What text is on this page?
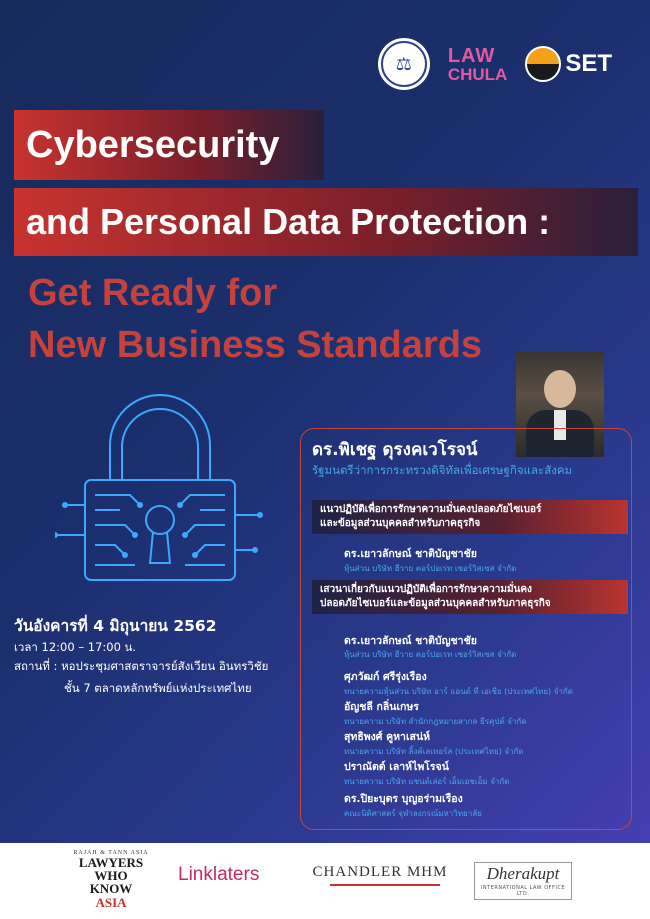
⚖	LAW
CHULA SET
Cybersecurity
and Personal Data Protection :
Get Ready for
New Business Standards
ดร.พิเชฐ ดุรงคเวโรจน์
รัฐมนตรีว่าการกระทรวงดิจิทัลเพื่อเศรษฐกิจและสังคม
แนวปฏิบัติเพื่อการรักษาความมั่นคงปลอดภัยไซเบอร์
และข้อมูลส่วนบุคคลสำหรับภาคธุรกิจ
ดร.เยาวลักษณ์ ชาติบัญชาชัย
หุ้นส่วน บริษัท ฮีวาย คอร์ปอเรท เซอร์วิสเซส จำกัด
เสวนาเกี่ยวกับแนวปฏิบัติเพื่อการรักษาความมั่นคง
ปลอดภัยไซเบอร์และข้อมูลส่วนบุคคลสำหรับภาคธุรกิจ
ดร.เยาวลักษณ์ ชาติบัญชาชัย
หุ้นส่วน บริษัท ฮีวาย คอร์ปอเรท เซอร์วิสเซส จำกัด
ศุภวัฒก์ ศรีรุ่งเรือง
ทนายความหุ้นส่วน บริษัท อาร์ แอนด์ ที เอเชีย (ประเทศไทย) จำกัด
อัญชลี กลิ่นเกษร
ทนายความ บริษัท สำนักกฎหมายสากล ธีรคุปต์ จำกัด
สุทธิพงศ์ คูหาเสน่ห์
ทนายความ บริษัท ลิ้งค์เลเทอร์ส (ประเทศไทย) จำกัด
ปราณัตต์ เลาห์ไพโรจน์
ทนายความ บริษัท แชนด์เล่อร์ เอ็มเอชเอ็ม จำกัด
ดร.ปิยะบุตร บุญอร่ามเรือง
คณะนิติศาสตร์ จุฬาลงกรณ์มหาวิทยาลัย
วันอังคารที่ 4 มิถุนายน 2562
เวลา 12:00 – 17:00 น.
สถานที่ : หอประชุมศาสตราจารย์สังเวียน อินทรวิชัย
ชั้น 7 ตลาดหลักทรัพย์แห่งประเทศไทย
RAJAH & TANN ASIA
LAWYERS
WHO
KNOW
ASIA
Linklaters	CHANDLER MHM	Dherakupt
INTERNATIONAL LAW OFFICE LTD.
